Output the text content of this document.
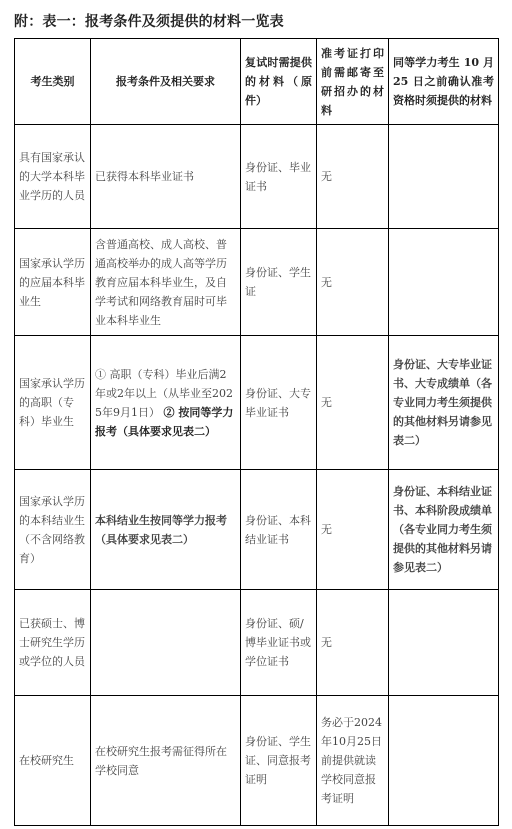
附：表一：报考条件及须提供的材料一览表
考生类别	报考条件及相关要求	复试时需提供的材料（原件）	准考证打印前需邮寄至研招办的材料	同等学力考生 10 月 25 日之前确认准考资格时须提供的材料
具有国家承认的大学本科毕业学历的人员	已获得本科毕业证书	身份证、毕业证书	无	
国家承认学历的应届本科毕业生	含普通高校、成人高校、普通高校举办的成人高等学历教育应届本科毕业生，及自学考试和网络教育届时可毕业本科毕业生	身份证、学生证	无	
国家承认学历的高职（专科）毕业生	① 高职（专科）毕业后满2年或2年以上（从毕业至2025年9月1日） ② 按同等学力报考（具体要求见表二）	身份证、大专毕业证书	无	身份证、大专毕业证书、大专成绩单（各专业同力考生须提供的其他材料另请参见表二）
国家承认学历的本科结业生（不含网络教育）	本科结业生按同等学力报考（具体要求见表二）	身份证、本科结业证书	无	身份证、本科结业证书、本科阶段成绩单（各专业同力考生须提供的其他材料另请参见表二）
已获硕士、博士研究生学历或学位的人员		身份证、硕/博毕业证书或学位证书	无	
在校研究生	在校研究生报考需征得所在学校同意	身份证、学生证、同意报考证明	务必于2024年10月25日前提供就读学校同意报考证明	
